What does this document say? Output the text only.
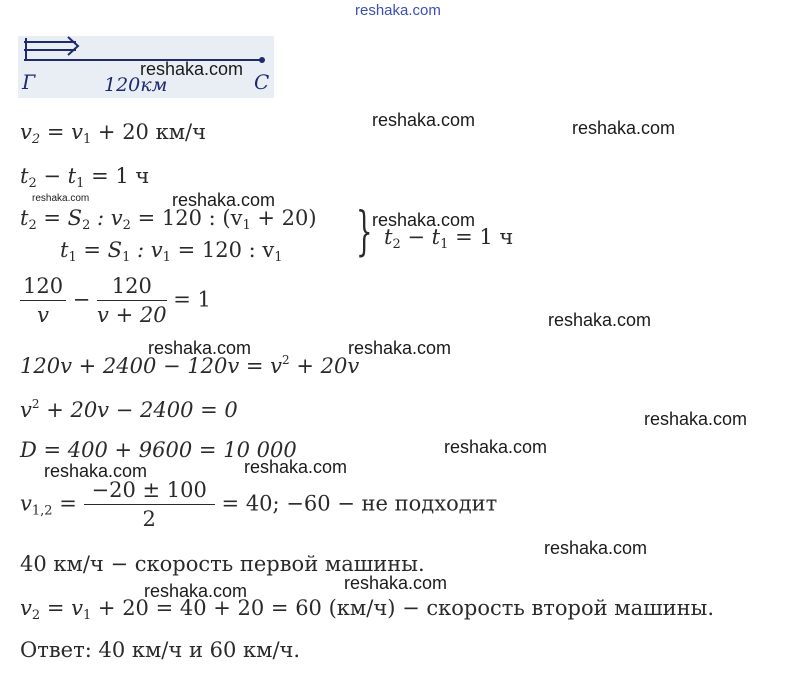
reshaka.com
Г	С
120км
$v_2 = v_1 + 20$ км/ч
$t_2 - t_1 = 1$ ч
$t_2 = S_2$ : $v_2 = 120$ : $(v_1 + 20)$
$t_1 = S_1$ : $v_1 = 120$ : $v_1$ } $t_2 - t_1 = 1$ ч
$\frac{120}{v} - \frac{120}{v + 20} = 1$
$120v + 2400 - 120v = v^2 + 20v$
$v^2 + 20v - 2400 = 0$
D = 400 + 9600 = 10 000
$v_{1,2} = \frac{-20 \pm 100}{2} = 40$; −60 − не подходит
40 км/ч − скорость первой машины.
$v_2 = v_1 + 20 = 40 + 20 = 60$ (км/ч) − скорость второй машины.
Ответ: 40 км/ч и 60 км/ч.
reshaka.com
reshaka.com	reshaka.com
reshaka.com
reshaka.com
reshaka.com
reshaka.com
reshaka.com	reshaka.com
reshaka.com
reshaka.com
reshaka.com	reshaka.com
reshaka.com
reshaka.com	reshaka.com
